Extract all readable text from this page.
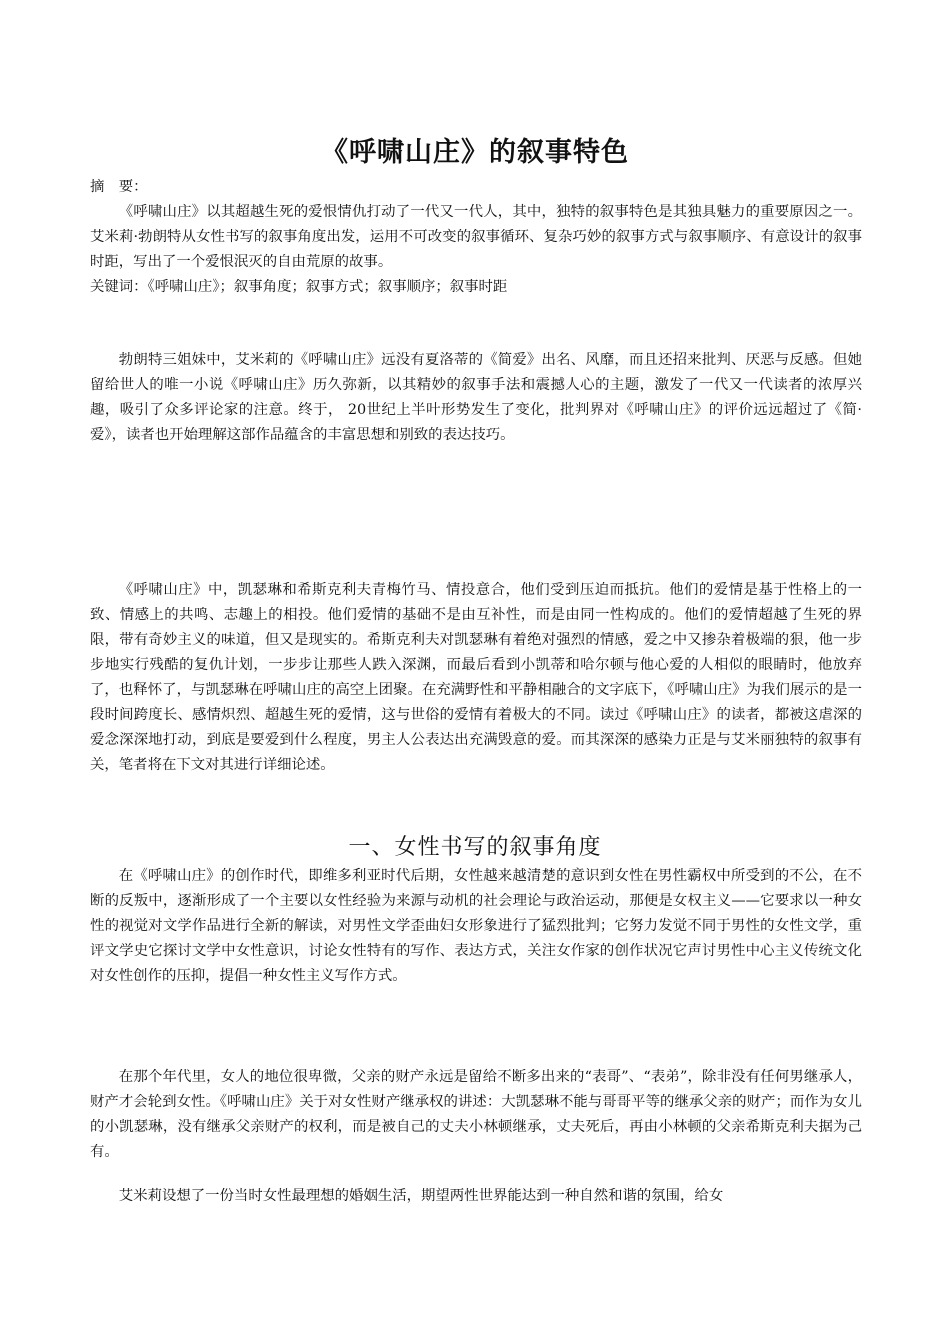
《呼啸山庄》的叙事特色

摘　要：

《呼啸山庄》以其超越生死的爱恨情仇打动了一代又一代人，其中，独特的叙事特色是其独具魅力的重要原因之一。艾米莉·勃朗特从女性书写的叙事角度出发，运用不可改变的叙事循环、复杂巧妙的叙事方式与叙事顺序、有意设计的叙事时距，写出了一个爱恨泯灭的自由荒原的故事。

关键词：《呼啸山庄》；叙事角度；叙事方式；叙事顺序；叙事时距

勃朗特三姐妹中，艾米莉的《呼啸山庄》远没有夏洛蒂的《简爱》出名、风靡，而且还招来批判、厌恶与反感。但她留给世人的唯一小说《呼啸山庄》历久弥新，以其精妙的叙事手法和震撼人心的主题，激发了一代又一代读者的浓厚兴趣，吸引了众多评论家的注意。终于， 20世纪上半叶形势发生了变化，批判界对《呼啸山庄》的评价远远超过了《简·爱》，读者也开始理解这部作品蕴含的丰富思想和别致的表达技巧。

《呼啸山庄》中，凯瑟琳和希斯克利夫青梅竹马、情投意合，他们受到压迫而抵抗。他们的爱情是基于性格上的一致、情感上的共鸣、志趣上的相投。他们爱情的基础不是由互补性，而是由同一性构成的。他们的爱情超越了生死的界限，带有奇妙主义的味道，但又是现实的。希斯克利夫对凯瑟琳有着绝对强烈的情感，爱之中又掺杂着极端的狠，他一步步地实行残酷的复仇计划，一步步让那些人跌入深渊，而最后看到小凯蒂和哈尔顿与他心爱的人相似的眼睛时，他放弃了，也释怀了，与凯瑟琳在呼啸山庄的高空上团聚。在充满野性和平静相融合的文字底下，《呼啸山庄》为我们展示的是一段时间跨度长、感情炽烈、超越生死的爱情，这与世俗的爱情有着极大的不同。读过《呼啸山庄》的读者，都被这虐深的爱念深深地打动，到底是要爱到什么程度，男主人公表达出充满毁意的爱。而其深深的感染力正是与艾米丽独特的叙事有关，笔者将在下文对其进行详细论述。

一、女性书写的叙事角度

在《呼啸山庄》的创作时代，即维多利亚时代后期，女性越来越清楚的意识到女性在男性霸权中所受到的不公，在不断的反叛中，逐渐形成了一个主要以女性经验为来源与动机的社会理论与政治运动，那便是女权主义——它要求以一种女性的视觉对文学作品进行全新的解读，对男性文学歪曲妇女形象进行了猛烈批判；它努力发觉不同于男性的女性文学，重评文学史它探讨文学中女性意识，讨论女性特有的写作、表达方式，关注女作家的创作状况它声讨男性中心主义传统文化对女性创作的压抑，提倡一种女性主义写作方式。

在那个年代里，女人的地位很卑微，父亲的财产永远是留给不断多出来的“表哥”、“表弟”，除非没有任何男继承人，财产才会轮到女性。《呼啸山庄》关于对女性财产继承权的讲述：大凯瑟琳不能与哥哥平等的继承父亲的财产；而作为女儿的小凯瑟琳，没有继承父亲财产的权利，而是被自己的丈夫小林顿继承，丈夫死后，再由小林顿的父亲希斯克利夫据为己有。

艾米莉设想了一份当时女性最理想的婚姻生活，期望两性世界能达到一种自然和谐的氛围，给女
